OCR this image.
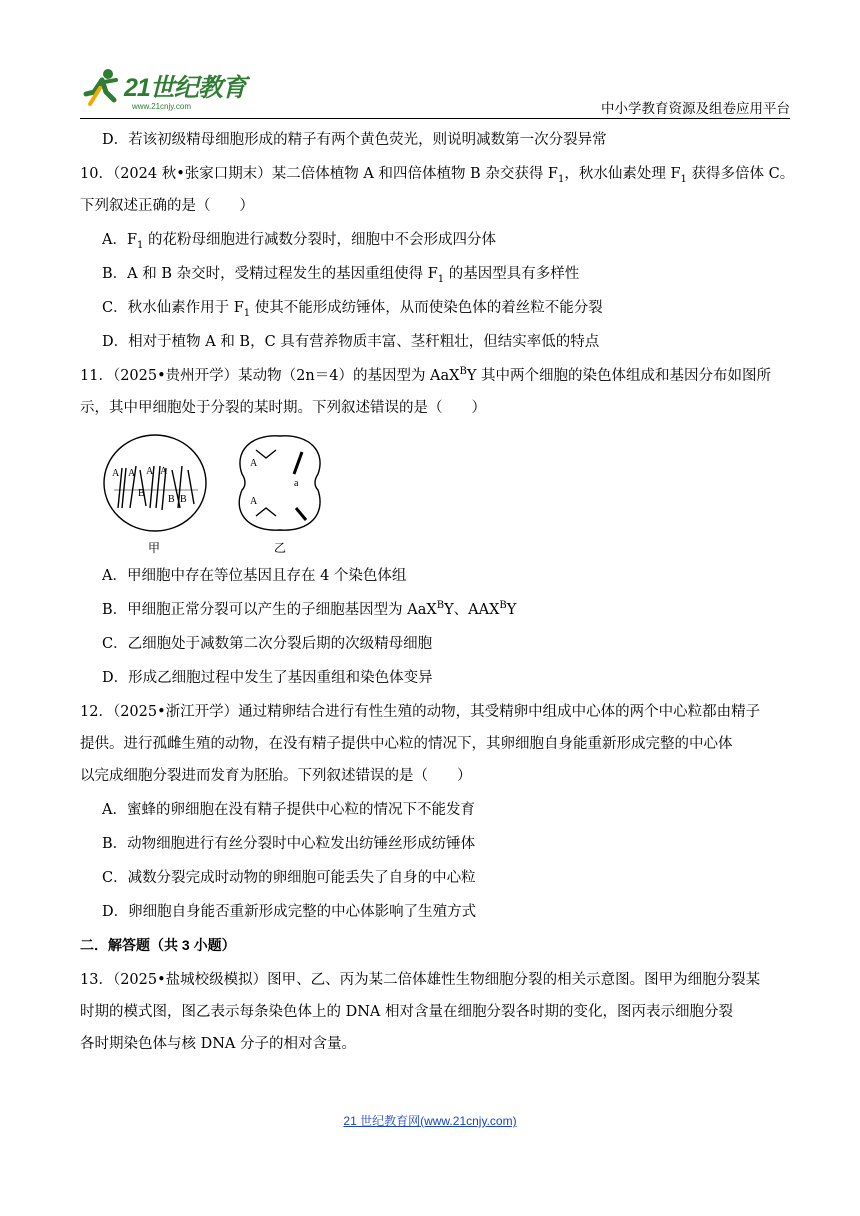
21世纪教育
www.21cnjy.com	中小学教育资源及组卷应用平台
D．若该初级精母细胞形成的精子有两个黄色荧光，则说明减数第一次分裂异常
10．（2024 秋•张家口期末）某二倍体植物 A 和四倍体植物 B 杂交获得 $F_1$，秋水仙素处理 $F_1$ 获得多倍体 C。
下列叙述正确的是（　　）
A．$F_1$ 的花粉母细胞进行减数分裂时，细胞中不会形成四分体
B．A 和 B 杂交时，受精过程发生的基因重组使得 $F_1$ 的基因型具有多样性
C．秋水仙素作用于 $F_1$ 使其不能形成纺锤体，从而使染色体的着丝粒不能分裂
D．相对于植物 A 和 B，C 具有营养物质丰富、茎秆粗壮，但结实率低的特点
11．（2025•贵州开学）某动物（2n＝4）的基因型为 AaX$^B$Y 其中两个细胞的染色体组成和基因分布如图所
示，其中甲细胞处于分裂的某时期。下列叙述错误的是（　　）
A．甲细胞中存在等位基因且存在 4 个染色体组
B．甲细胞正常分裂可以产生的子细胞基因型为 AaX$^B$Y、$AAX^BY$
C．乙细胞处于减数第二次分裂后期的次级精母细胞
D．形成乙细胞过程中发生了基因重组和染色体变异
12．（2025•浙江开学）通过精卵结合进行有性生殖的动物，其受精卵中组成中心体的两个中心粒都由精子
提供。进行孤雌生殖的动物，在没有精子提供中心粒的情况下，其卵细胞自身能重新形成完整的中心体
以完成细胞分裂进而发育为胚胎。下列叙述错误的是（　　）
A．蜜蜂的卵细胞在没有精子提供中心粒的情况下不能发育
B．动物细胞进行有丝分裂时中心粒发出纺锤丝形成纺锤体
C．减数分裂完成时动物的卵细胞可能丢失了自身的中心粒
D．卵细胞自身能否重新形成完整的中心体影响了生殖方式
二．解答题（共 3 小题）
13．（2025•盐城校级模拟）图甲、乙、丙为某二倍体雄性生物细胞分裂的相关示意图。图甲为细胞分裂某
时期的模式图，图乙表示每条染色体上的 DNA 相对含量在细胞分裂各时期的变化，图丙表示细胞分裂
各时期染色体与核 DNA 分子的相对含量。
A A A A
B
B B
甲
A
a
A
乙
21 世纪教育网(www.21cnjy.com)
